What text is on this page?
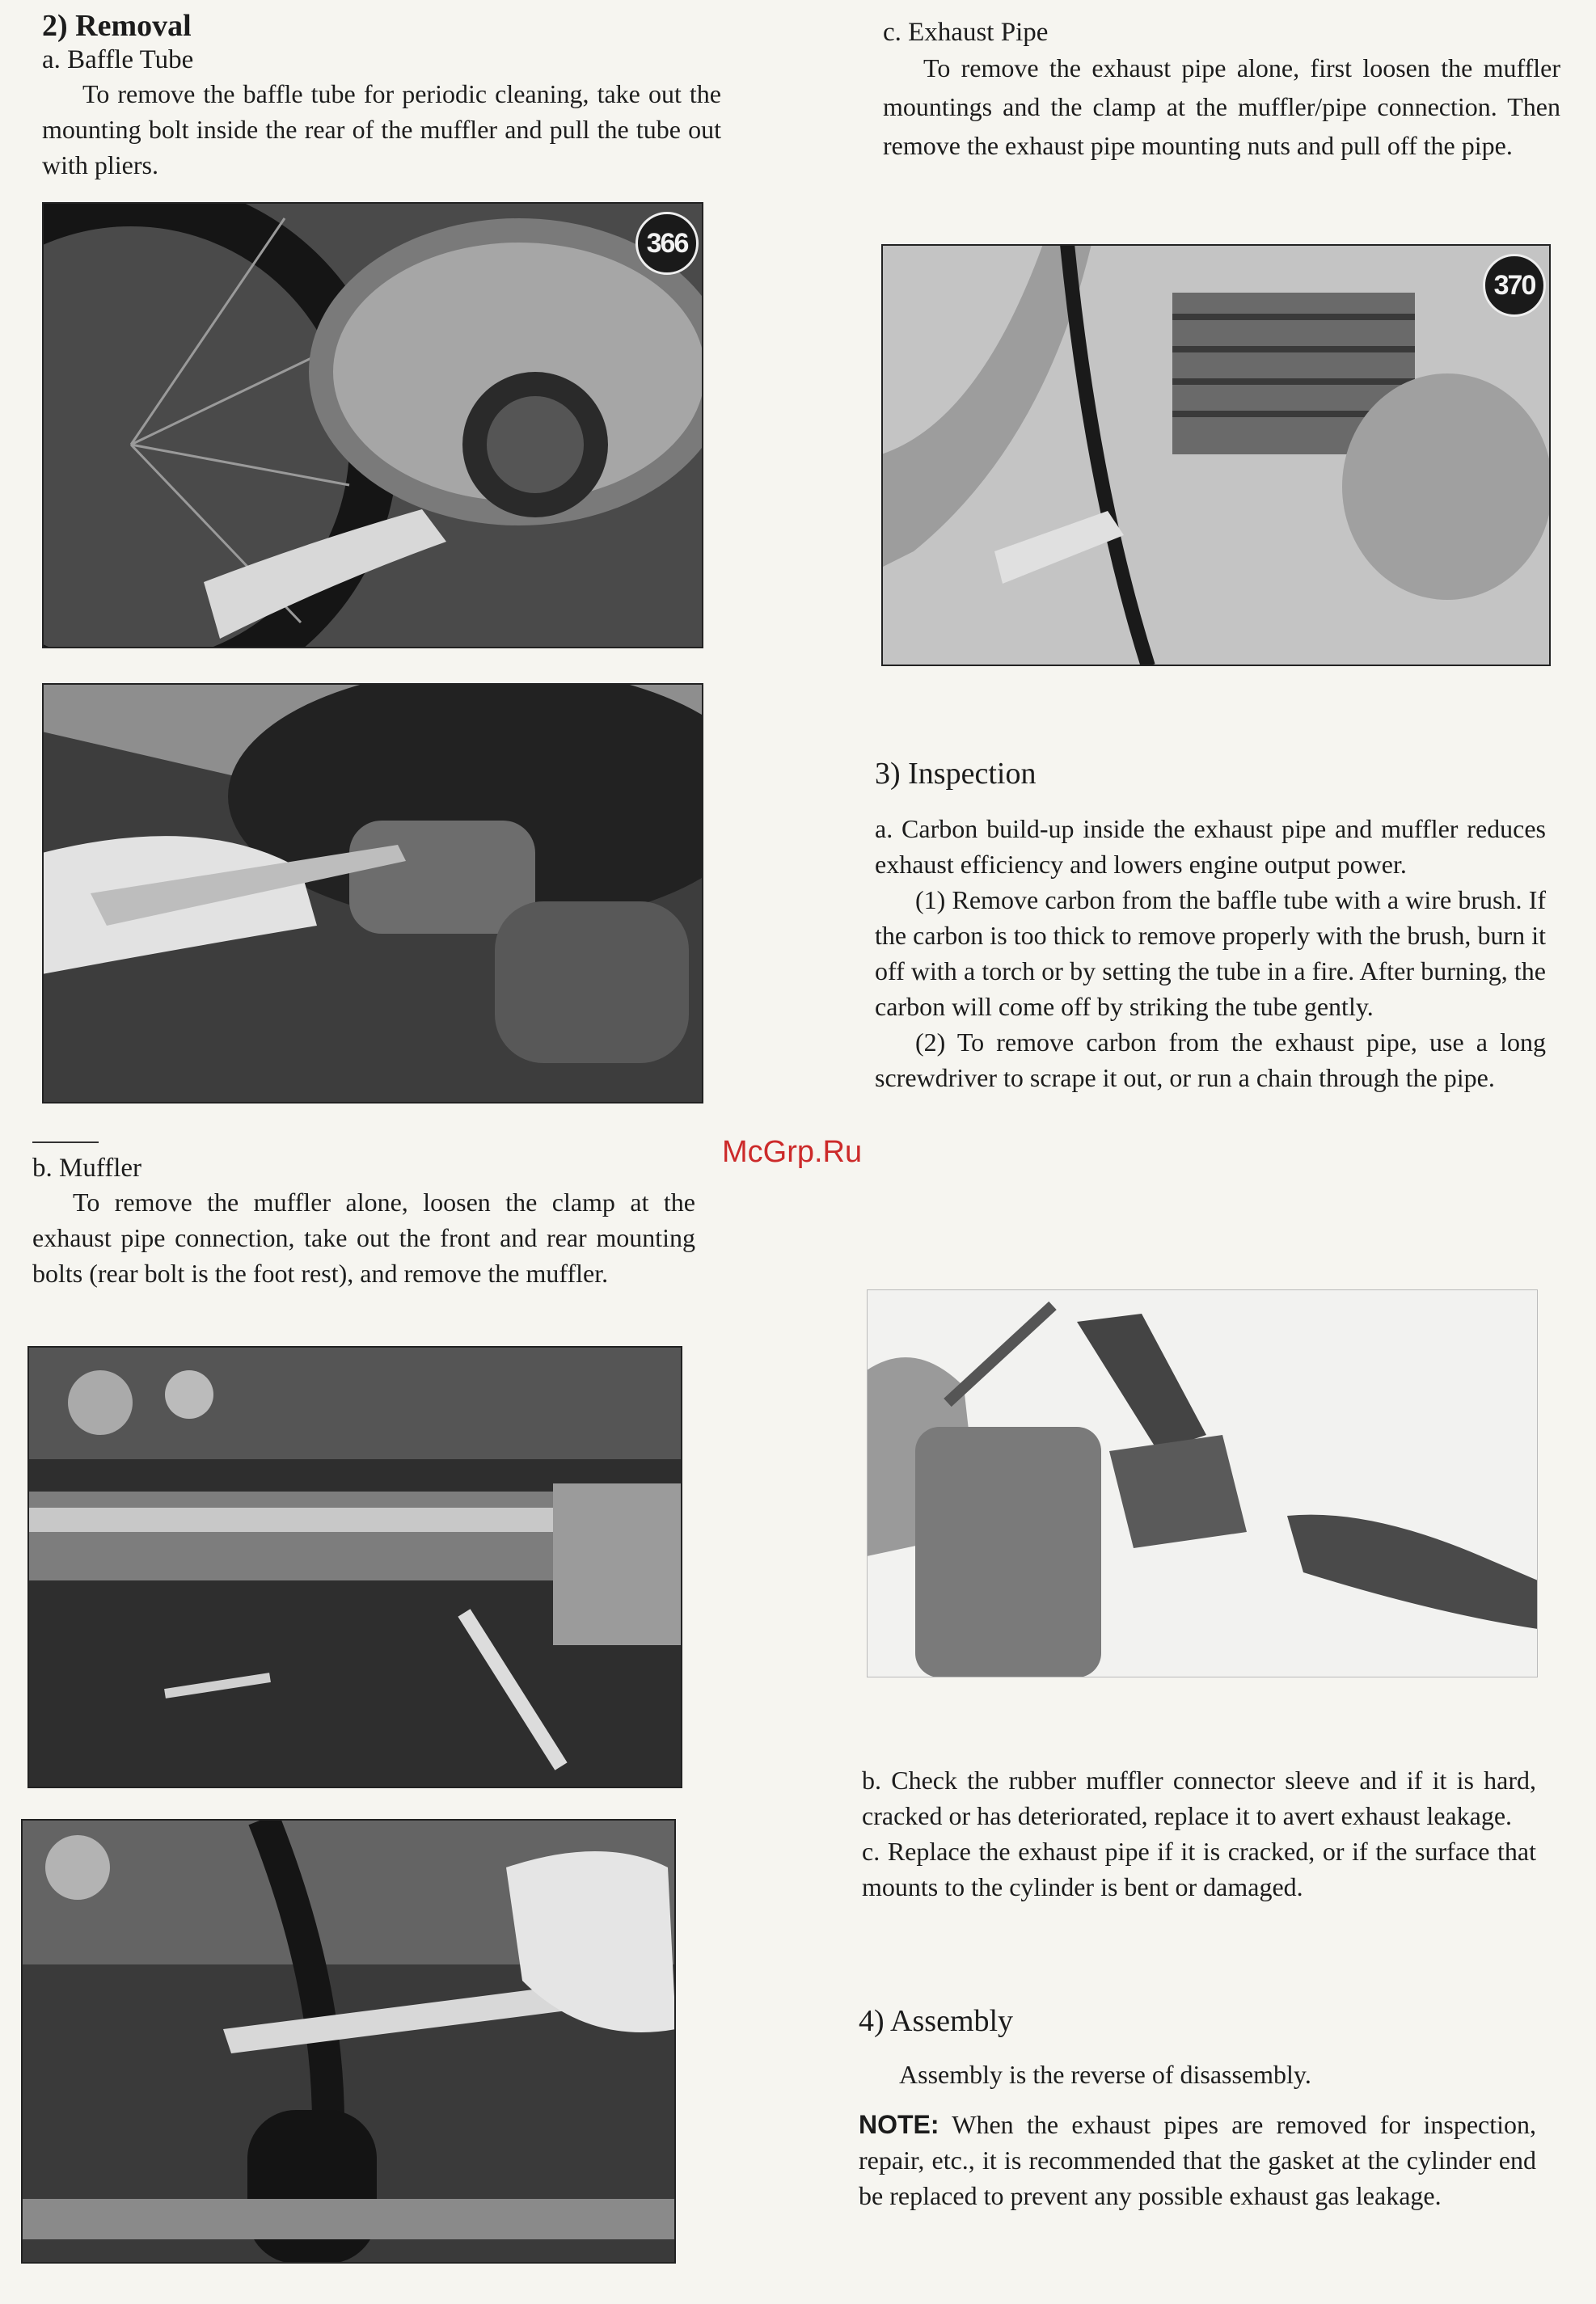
2) Removal

a. Baffle Tube

To remove the baffle tube for periodic cleaning, take out the mounting bolt inside the rear of the muffler and pull the tube out with pliers.

366

b. Muffler

To remove the muffler alone, loosen the clamp at the exhaust pipe connection, take out the front and rear mounting bolts (rear bolt is the foot rest), and remove the muffler.

c. Exhaust Pipe

To remove the exhaust pipe alone, first loosen the muffler mountings and the clamp at the muffler/pipe connection. Then remove the exhaust pipe mounting nuts and pull off the pipe.

370
3) Inspection

a. Carbon build-up inside the exhaust pipe and muffler reduces exhaust efficiency and lowers engine output power.

(1) Remove carbon from the baffle tube with a wire brush. If the carbon is too thick to remove properly with the brush, burn it off with a torch or by setting the tube in a fire. After burning, the carbon will come off by striking the tube gently.

(2) To remove carbon from the exhaust pipe, use a long screwdriver to scrape it out, or run a chain through the pipe.

b. Check the rubber muffler connector sleeve and if it is hard, cracked or has deteriorated, replace it to avert exhaust leakage.

c. Replace the exhaust pipe if it is cracked, or if the surface that mounts to the cylinder is bent or damaged.

4) Assembly

Assembly is the reverse of disassembly.

NOTE: When the exhaust pipes are removed for inspection, repair, etc., it is recommended that the gasket at the cylinder end be replaced to prevent any possible exhaust gas leakage.

McGrp.Ru
